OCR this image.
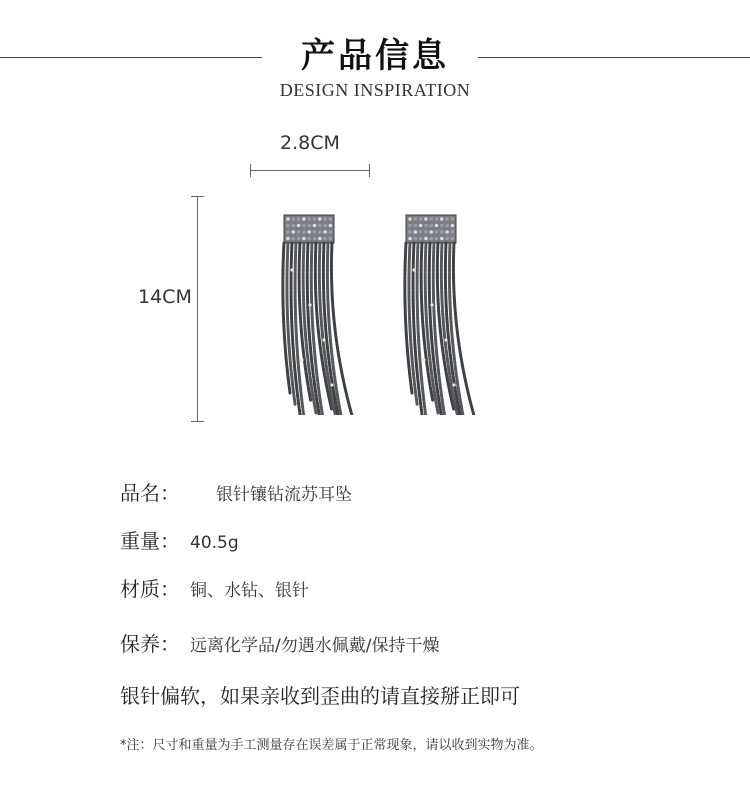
产品信息
DESIGN INSPIRATION
2.8CM
14CM
品名： 银针镶钻流苏耳坠
重量： 40.5g
材质： 铜、水钻、银针
保养： 远离化学品/勿遇水佩戴/保持干燥
银针偏软，如果亲收到歪曲的请直接掰正即可
*注：尺寸和重量为手工测量存在误差属于正常现象，请以收到实物为准。
